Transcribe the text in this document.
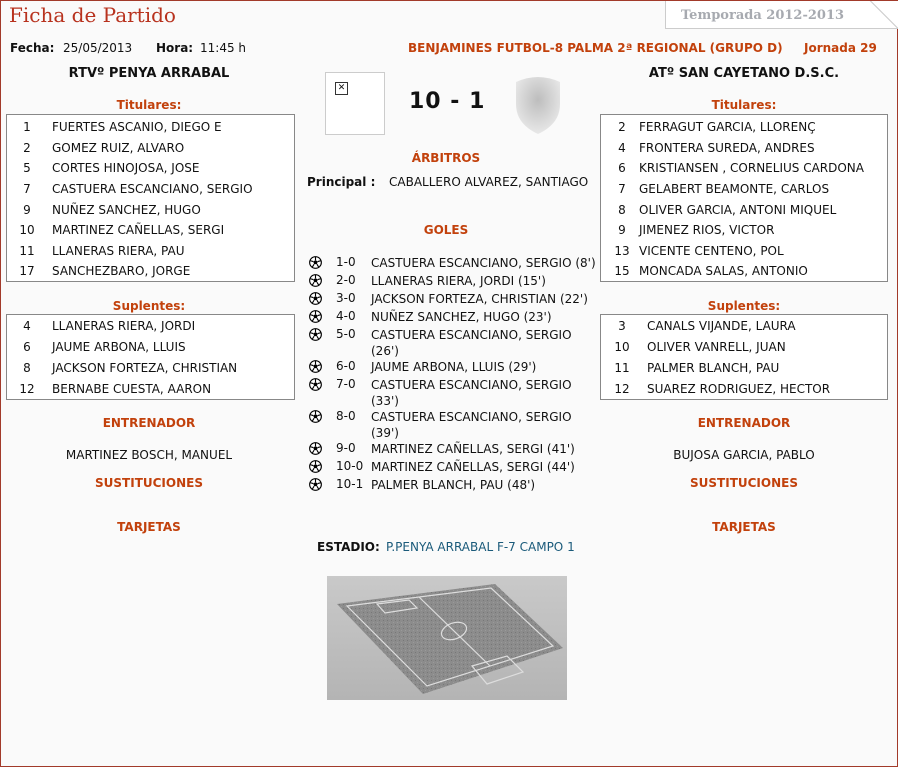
Ficha de Partido	Temporada 2012-2013
Fecha: 25/05/2013 Hora: 11:45 h	BENJAMINES FUTBOL-8 PALMA 2ª REGIONAL (GRUPO D) Jornada 29
RTVº PENYA ARRABAL	ATº SAN CAYETANO D.S.C.
✕
10 - 1
Titulares:
1	FUERTES ASCANIO, DIEGO E
2	GOMEZ RUIZ, ALVARO
5	CORTES HINOJOSA, JOSE
7	CASTUERA ESCANCIANO, SERGIO
9	NUÑEZ SANCHEZ, HUGO
10	MARTINEZ CAÑELLAS, SERGI
11	LLANERAS RIERA, PAU
17	SANCHEZBARO, JORGE
Suplentes:
4	LLANERAS RIERA, JORDI
6	JAUME ARBONA, LLUIS
8	JACKSON FORTEZA, CHRISTIAN
12	BERNABE CUESTA, AARON
ENTRENADOR
MARTINEZ BOSCH, MANUEL
SUSTITUCIONES
TARJETAS
Titulares:
2	FERRAGUT GARCIA, LLORENÇ
4	FRONTERA SUREDA, ANDRES
6	KRISTIANSEN , CORNELIUS CARDONA
7	GELABERT BEAMONTE, CARLOS
8	OLIVER GARCIA, ANTONI MIQUEL
9	JIMENEZ RIOS, VICTOR
13 VICENTE CENTENO, POL
15 MONCADA SALAS, ANTONIO
Suplentes:
3	CANALS VIJANDE, LAURA
10	OLIVER VANRELL, JUAN
11	PALMER BLANCH, PAU
12	SUAREZ RODRIGUEZ, HECTOR
ENTRENADOR
BUJOSA GARCIA, PABLO
SUSTITUCIONES
TARJETAS
ÁRBITROS
Principal : CABALLERO ALVAREZ, SANTIAGO
GOLES
1-0 CASTUERA ESCANCIANO, SERGIO (8')
2-0 LLANERAS RIERA, JORDI (15')
3-0 JACKSON FORTEZA, CHRISTIAN (22')
4-0 NUÑEZ SANCHEZ, HUGO (23')
5-0 CASTUERA ESCANCIANO, SERGIO (26')
6-0 JAUME ARBONA, LLUIS (29')
7-0 CASTUERA ESCANCIANO, SERGIO (33')
8-0 CASTUERA ESCANCIANO, SERGIO (39')
9-0 MARTINEZ CAÑELLAS, SERGI (41')
10-0 MARTINEZ CAÑELLAS, SERGI (44')
10-1 PALMER BLANCH, PAU (48')
ESTADIO: P.PENYA ARRABAL F-7 CAMPO 1
